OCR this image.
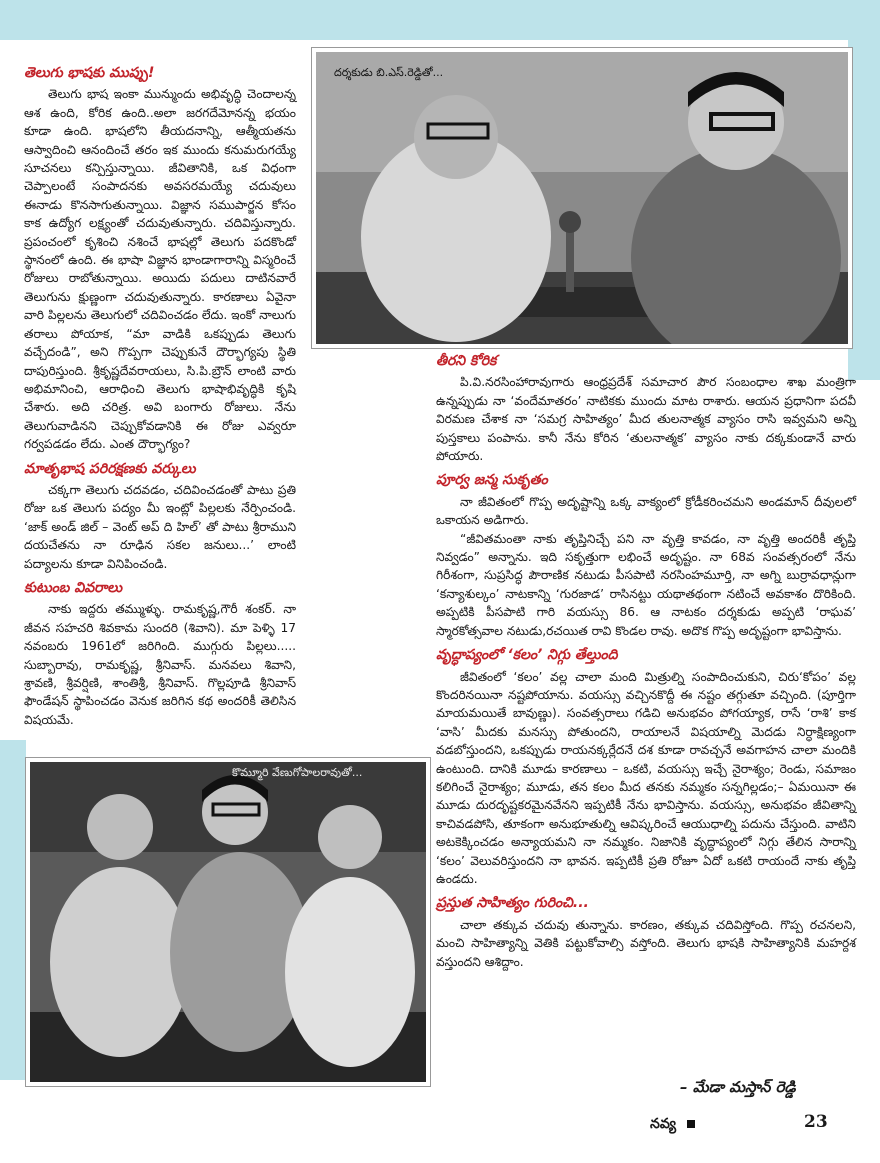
దర్శకుడు బి.ఎస్.రెడ్డితో...
తెలుగు భాషకు ముప్పు!

తెలుగు భాష ఇంకా మున్ముందు అభివృద్ధి చెందాలన్న ఆశ ఉంది, కోరిక ఉంది..అలా జరగదేమోనన్న భయం కూడా ఉంది. భాషలోని తీయదనాన్ని, ఆత్మీయతను ఆస్వాదించి ఆనందించే తరం ఇక ముందు కనుమరుగయ్యే సూచనలు కన్పిస్తున్నాయి. జీవితానికి, ఒక విధంగా చెప్పాలంటే సంపాదనకు అవసరమయ్యే చదువులు ఈనాడు కొనసాగుతున్నాయి. విజ్ఞాన సముపార్జన కోసం కాక ఉద్యోగ లక్ష్యంతో చదువుతున్నారు. చదివిస్తున్నారు. ప్రపంచంలో కృశించి నశించే భాషల్లో తెలుగు పదకొండో స్థానంలో ఉంది. ఈ భాషా విజ్ఞాన భాండాగారాన్ని విస్మరించే రోజులు రాబోతున్నాయి. అయిదు పదులు దాటినవారే తెలుగును క్షుణ్ణంగా చదువుతున్నారు. కారణాలు ఏవైనా వారి పిల్లలను తెలుగులో చదివించడం లేదు. ఇంకో నాలుగు తరాలు పోయాక, “మా వాడికి ఒకప్పుడు తెలుగు వచ్చేదండి”, అని గొప్పగా చెప్పుకునే దౌర్భాగ్యపు స్థితి దాపురిస్తుంది. శ్రీకృష్ణదేవరాయలు, సి.పి.బ్రౌన్ లాంటి వారు అభిమానించి, ఆరాధించి తెలుగు భాషాభివృద్ధికి కృషి చేశారు. అది చరిత్ర. అవి బంగారు రోజులు. నేను తెలుగువాడినని చెప్పుకోవడానికి ఈ రోజు ఎవ్వరూ గర్వపడడం లేదు. ఎంత దౌర్భాగ్యం?

మాతృభాష పరిరక్షణకు వర్కులు

చక్కగా తెలుగు చదవడం, చదివించడంతో పాటు ప్రతి రోజు ఒక తెలుగు పద్యం మీ ఇంట్లో పిల్లలకు నేర్పించండి. ‘జాక్ అండ్ జిల్ – వెంట్ అప్ ది హిల్’ తో పాటు శ్రీరాముని దయచేతను నా రూఢిన సకల జనులు...’ లాంటి పద్యాలను కూడా వినిపించండి.

కుటుంబ వివరాలు

నాకు ఇద్దరు తమ్ముళ్ళు. రామకృష్ణ,గౌరీ శంకర్. నా జీవన సహచరి శివకామ సుందరి (శివాని). మా పెళ్ళి 17 నవంబరు 1961లో జరిగింది. ముగ్గురు పిల్లలు..... సుబ్బారావు, రామకృష్ణ, శ్రీనివాస్. మనవలు శివాని, శ్రావణి, శ్రీవర్షిణి, శాంతిశ్రీ, శ్రీనివాస్. గొల్లపూడి శ్రీనివాస్ ఫౌండేషన్ స్థాపించడం వెనుక జరిగిన కథ అందరికీ తెలిసిన విషయమే.

కొమ్మూరి వేణుగోపాలరావుతో...
తీరని కోరిక

పి.వి.నరసింహారావుగారు ఆంధ్రప్రదేశ్ సమాచార పౌర సంబంధాల శాఖ మంత్రిగా ఉన్నప్పుడు నా ‘వందేమాతరం’ నాటికకు ముందు మాట రాశారు. ఆయన ప్రధానిగా పదవీ విరమణ చేశాక నా ‘సమగ్ర సాహిత్యం’ మీద తులనాత్మక వ్యాసం రాసి ఇవ్వమని అన్ని పుస్తకాలు పంపాను. కానీ నేను కోరిన ‘తులనాత్మక’ వ్యాసం నాకు దక్కకుండానే వారు పోయారు.

పూర్వ జన్మ సుకృతం

నా జీవితంలో గొప్ప అదృష్టాన్ని ఒక్క వాక్యంలో క్రోడీకరించమని అండమాన్ దీవులలో ఒకాయన అడిగారు.

“జీవితమంతా నాకు తృప్తినిచ్చే పని నా వృత్తి కావడం, నా వృత్తి అందరికీ తృప్తి నివ్వడం” అన్నాను. ఇది సకృత్తుగా లభించే అదృష్టం. నా 68వ సంవత్సరంలో నేను గిరీశంగా, సుప్రసిద్ధ పౌరాణిక నటుడు పీసపాటి నరసింహమూర్తి, నా అగ్ని బుర్రావధాన్లుగా ‘కన్యాశుల్కం’ నాటకాన్ని ‘గురజాడ’ రాసినట్టు యథాతథంగా నటించే అవకాశం దొరికింది. అప్పటికి పీసపాటి గారి వయస్సు 86. ఆ నాటకం దర్శకుడు అప్పటి ‘రాఘవ’ స్మారకోత్సవాల నటుడు,రచయిత రావి కొండల రావు. అదొక గొప్ప అదృష్టంగా భావిస్తాను.

వృద్ధాప్యంలో ‘కలం’ నిగ్గు తేల్తుంది

జీవితంలో ‘కలం’ వల్ల చాలా మంది మిత్రుల్ని సంపాదించుకుని, చిరు‘కోపం’ వల్ల కొందరినయినా నష్టపోయాను. వయస్సు వచ్చినకొద్దీ ఈ నష్టం తగ్గుతూ వచ్చింది. (పూర్తిగా మాయమయితే బావుణ్ణు). సంవత్సరాలు గడిచి అనుభవం పోగయ్యాక, రాసే ‘రాశి’ కాక ‘వాసి’ మీదకు మనస్సు పోతుందని, రాయాలనే విషయాల్ని మెదడు నిర్ధాక్షిణ్యంగా వడబోస్తుందని, ఒకప్పుడు రాయనక్కర్లేదనే దశ కూడా రావచ్చనే అవగాహన చాలా మందికి ఉంటుంది. దానికి మూడు కారణాలు – ఒకటి, వయస్సు ఇచ్చే నైరాశ్యం; రెండు, సమాజం కలిగించే నైరాశ్యం; మూడు, తన కలం మీద తనకు నమ్మకం సన్నగిల్లడం;– ఏమయినా ఈ మూడు దురదృష్టకరమైనవేనని ఇప్పటికీ నేను భావిస్తాను. వయస్సు, అనుభవం జీవితాన్ని కాచివడపోసి, తూకంగా అనుభూతుల్ని ఆవిష్కరించే ఆయుధాల్ని పదును చేస్తుంది. వాటిని అటకెక్కించడం అన్యాయమని నా నమ్మకం. నిజానికి వృద్ధాప్యంలో నిగ్గు తేలిన సారాన్ని ‘కలం’ వెలువరిస్తుందని నా భావన. ఇప్పటికీ ప్రతి రోజూ ఏదో ఒకటి రాయందే నాకు తృప్తి ఉండదు.

ప్రస్తుత సాహిత్యం గురించి...

చాలా తక్కువ చదువు తున్నాను. కారణం, తక్కువ చదివిస్తోంది. గొప్ప రచనలని, మంచి సాహిత్యాన్ని వెతికి పట్టుకోవాల్సి వస్తోంది. తెలుగు భాషకి సాహిత్యానికి మహర్దశ వస్తుందని ఆశిద్దాం.

– మేడా మస్తాన్ రెడ్డి
నవ్య	23
